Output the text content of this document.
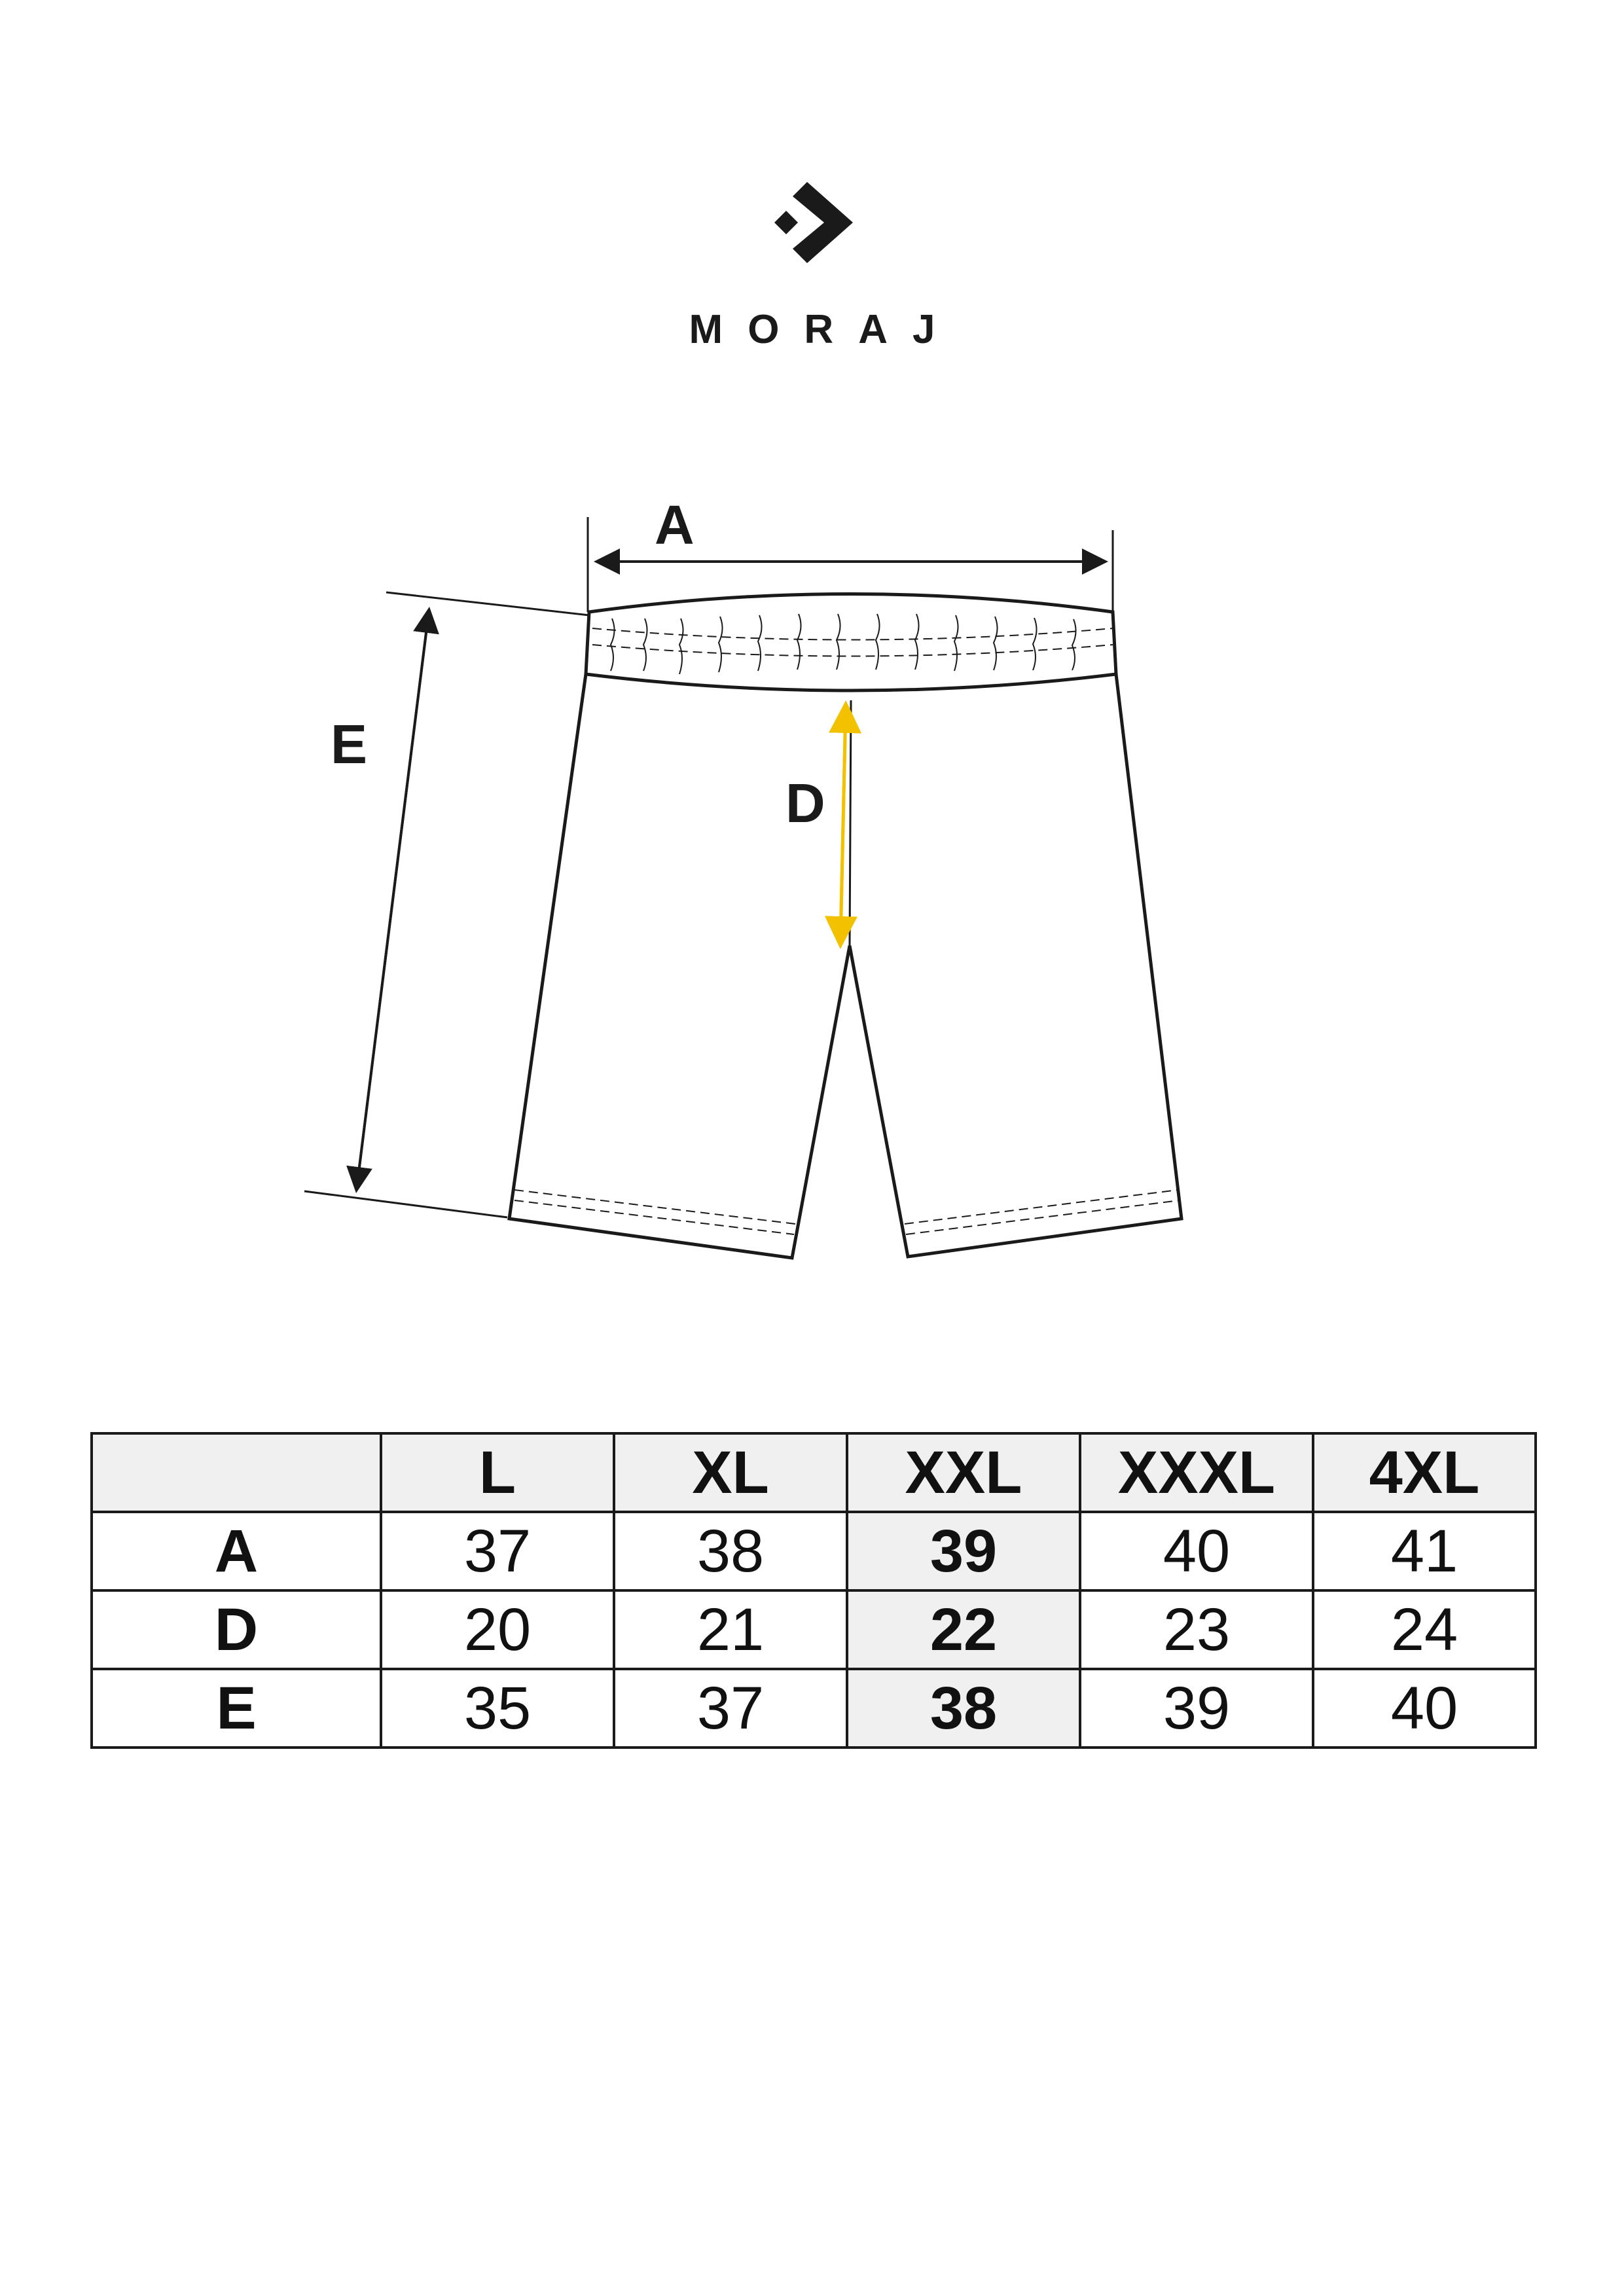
MORAJ
A
E
D
	L	XL	XXL	XXXL	4XL
A	37	38	39	40	41
D	20	21	22	23	24
E	35	37	38	39	40
